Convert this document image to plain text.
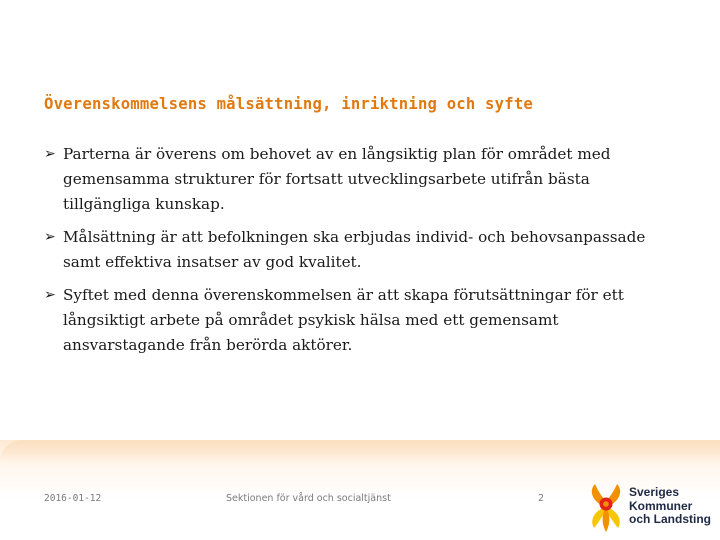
Överenskommelsens målsättning, inriktning och syfte
➢ Parterna är överens om behovet av en långsiktig plan för området med
gemensamma strukturer för fortsatt utvecklingsarbete utifrån bästa
tillgängliga kunskap.
➢ Målsättning är att befolkningen ska erbjudas individ- och behovsanpassade
samt effektiva insatser av god kvalitet.
➢ Syftet med denna överenskommelsen är att skapa förutsättningar för ett
långsiktigt arbete på området psykisk hälsa med ett gemensamt
ansvarstagande från berörda aktörer.
2016-01-12	Sektionen för vård och socialtjänst	2	Sveriges
Kommuner
och Landsting
